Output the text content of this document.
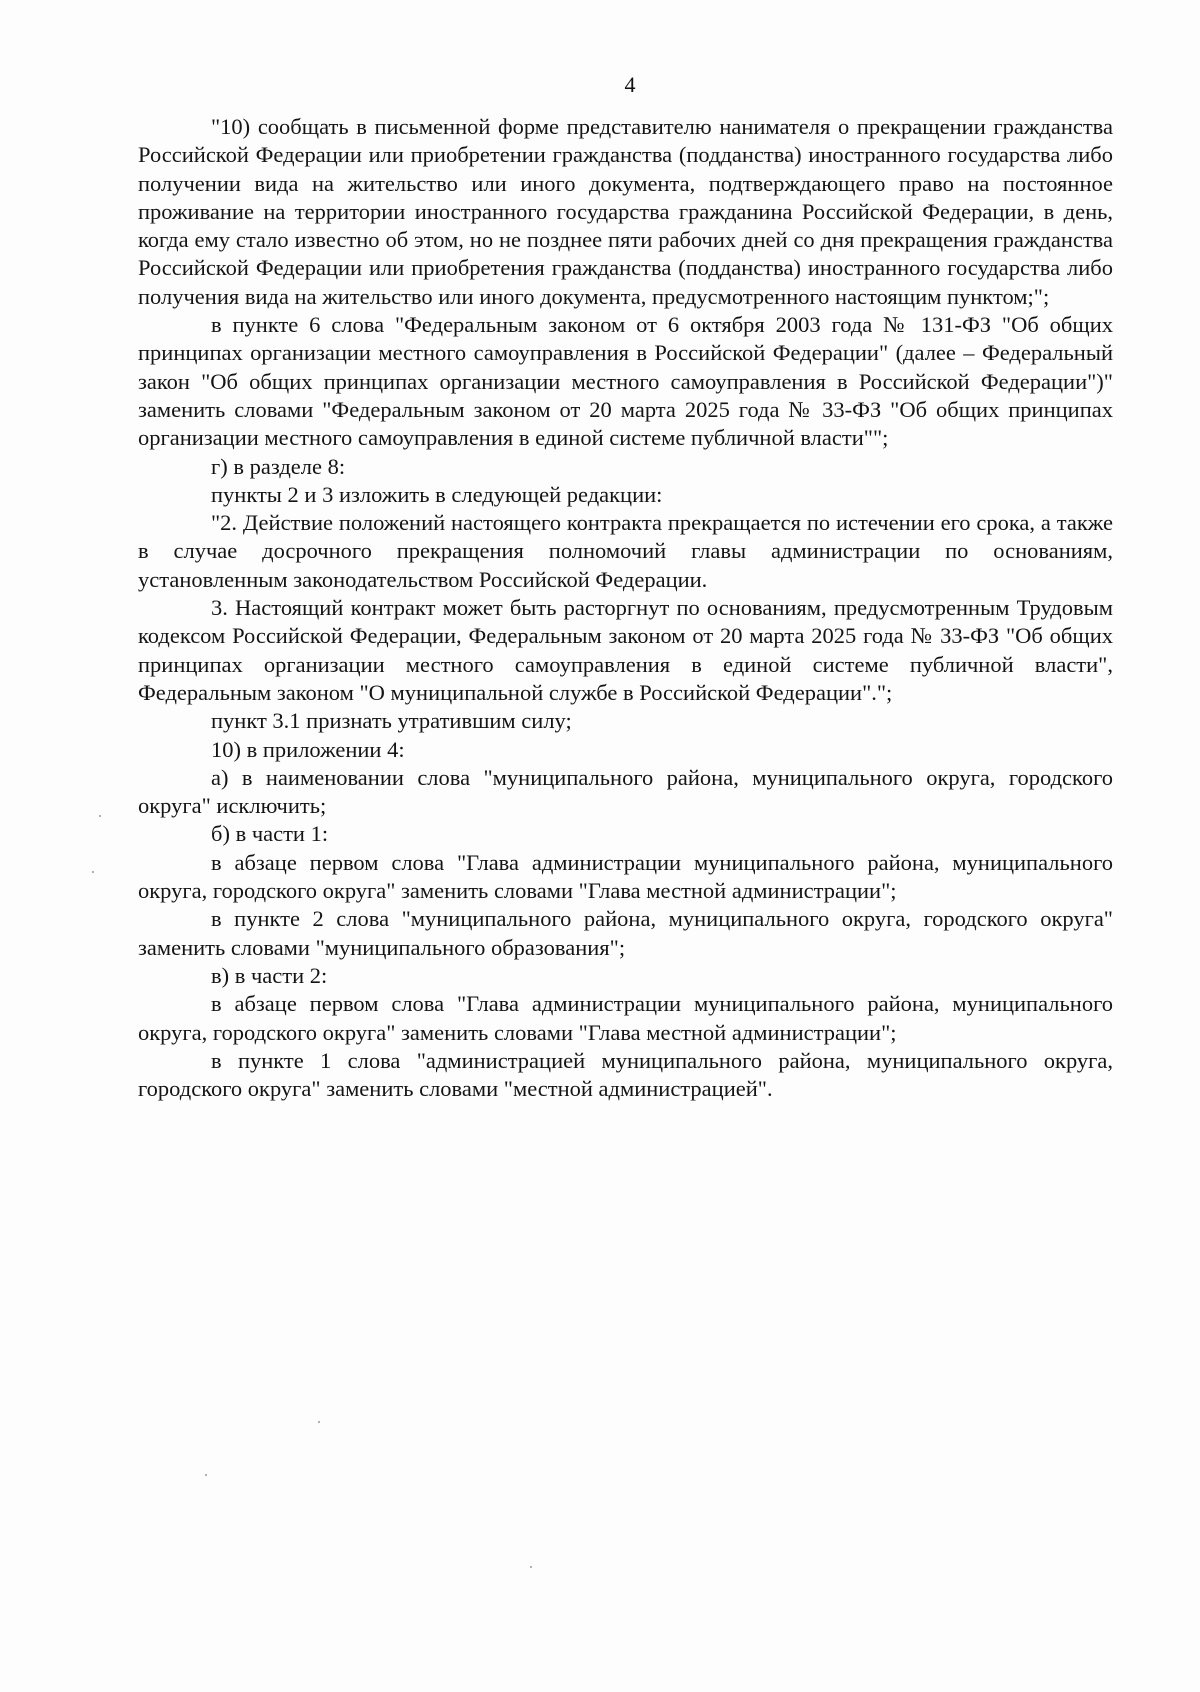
4

"10) сообщать в письменной форме представителю нанимателя о прекращении гражданства Российской Федерации или приобретении гражданства (подданства) иностранного государства либо получении вида на жительство или иного документа, подтверждающего право на постоянное проживание на территории иностранного государства гражданина Российской Федерации, в день, когда ему стало известно об этом, но не позднее пяти рабочих дней со дня прекращения гражданства Российской Федерации или приобретения гражданства (подданства) иностранного государства либо получения вида на жительство или иного документа, предусмотренного настоящим пунктом;";

в пункте 6 слова "Федеральным законом от 6 октября 2003 года № 131-ФЗ "Об общих принципах организации местного самоуправления в Российской Федерации" (далее – Федеральный закон "Об общих принципах организации местного самоуправления в Российской Федерации")" заменить словами "Федеральным законом от 20 марта 2025 года № 33-ФЗ "Об общих принципах организации местного самоуправления в единой системе публичной власти"";

г) в разделе 8:

пункты 2 и 3 изложить в следующей редакции:

"2. Действие положений настоящего контракта прекращается по истечении его срока, а также в случае досрочного прекращения полномочий главы администрации по основаниям, установленным законодательством Российской Федерации.

3. Настоящий контракт может быть расторгнут по основаниям, предусмотренным Трудовым кодексом Российской Федерации, Федеральным законом от 20 марта 2025 года № 33-ФЗ "Об общих принципах организации местного самоуправления в единой системе публичной власти", Федеральным законом "О муниципальной службе в Российской Федерации".";

пункт 3.1 признать утратившим силу;

10) в приложении 4:

а) в наименовании слова "муниципального района, муниципального округа, городского округа" исключить;

б) в части 1:

в абзаце первом слова "Глава администрации муниципального района, муниципального округа, городского округа" заменить словами "Глава местной администрации";

в пункте 2 слова "муниципального района, муниципального округа, городского округа" заменить словами "муниципального образования";

в) в части 2:

в абзаце первом слова "Глава администрации муниципального района, муниципального округа, городского округа" заменить словами "Глава местной администрации";

в пункте 1 слова "администрацией муниципального района, муниципального округа, городского округа" заменить словами "местной администрацией".
